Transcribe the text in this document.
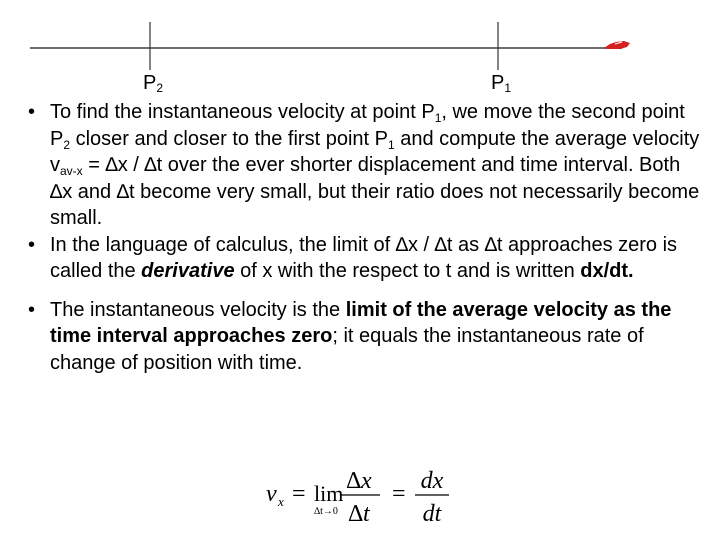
$P_2$	$P_1$

• To find the instantaneous velocity at point $P_1$, we move the second point $P_2$ closer and closer to the first point $P_1$ and compute the average velocity $v_{av-x} = \Delta x / \Delta t$ over the ever shorter displacement and time interval. Both ∆x and ∆t become very small, but their ratio does not necessarily become small.

• In the language of calculus, the limit of ∆x / ∆t as ∆t approaches zero is called the derivative of x with the respect to t and is written dx/dt.

• The instantaneous velocity is the limit of the average velocity as the time interval approaches zero; it equals the instantaneous rate of change of position with time.

v x = lim
∆t→0
∆x
∆t
= dx
dt
